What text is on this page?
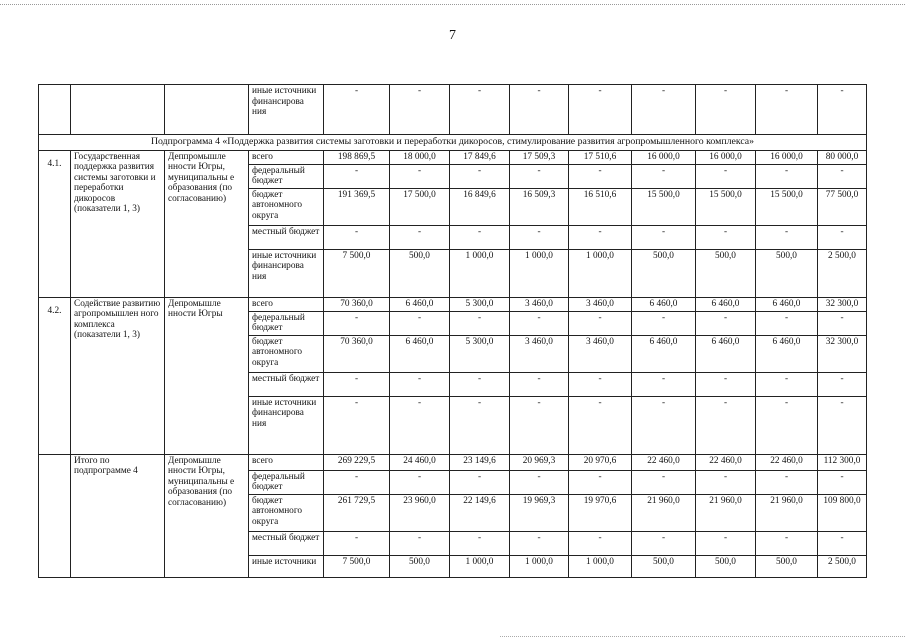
7
			иные источники финансирова ния	-	-	-	-	-	-	-	-	-
Подпрограмма 4 «Поддержка развития системы заготовки и переработки дикоросов, стимулирование развития агропромышленного комплекса»												
4.1.	Государственная поддержка развития системы заготовки и переработки дикоросов (показатели 1, 3)	Деппромышле нности Югры, муниципальны е образования (по согласованию)	всего	198 869,5	18 000,0	17 849,6	17 509,3	17 510,6	16 000,0	16 000,0	16 000,0	80 000,0
			федеральный бюджет	-	-	-	-	-	-	-	-	-
			бюджет автономного округа	191 369,5	17 500,0	16 849,6	16 509,3	16 510,6	15 500,0	15 500,0	15 500,0	77 500,0
			местный бюджет	-	-	-	-	-	-	-	-	-
			иные источники финансирова ния	7 500,0	500,0	1 000,0	1 000,0	1 000,0	500,0	500,0	500,0	2 500,0
4.2.	Содействие развитию агропромышлен ного комплекса (показатели 1, 3)	Депромышле нности Югры	всего	70 360,0	6 460,0	5 300,0	3 460,0	3 460,0	6 460,0	6 460,0	6 460,0	32 300,0
			федеральный бюджет	-	-	-	-	-	-	-	-	-
			бюджет автономного округа	70 360,0	6 460,0	5 300,0	3 460,0	3 460,0	6 460,0	6 460,0	6 460,0	32 300,0
			местный бюджет	-	-	-	-	-	-	-	-	-
			иные источники финансирова ния	-	-	-	-	-	-	-	-	-
	Итого по подпрограмме 4	Депромышле нности Югры, муниципальны е образования (по согласованию)	всего	269 229,5	24 460,0	23 149,6	20 969,3	20 970,6	22 460,0	22 460,0	22 460,0	112 300,0
			федеральный бюджет	-	-	-	-	-	-	-	-	-
			бюджет автономного округа	261 729,5	23 960,0	22 149,6	19 969,3	19 970,6	21 960,0	21 960,0	21 960,0	109 800,0
			местный бюджет	-	-	-	-	-	-	-	-	-
			иные источники	7 500,0	500,0	1 000,0	1 000,0	1 000,0	500,0	500,0	500,0	2 500,0
